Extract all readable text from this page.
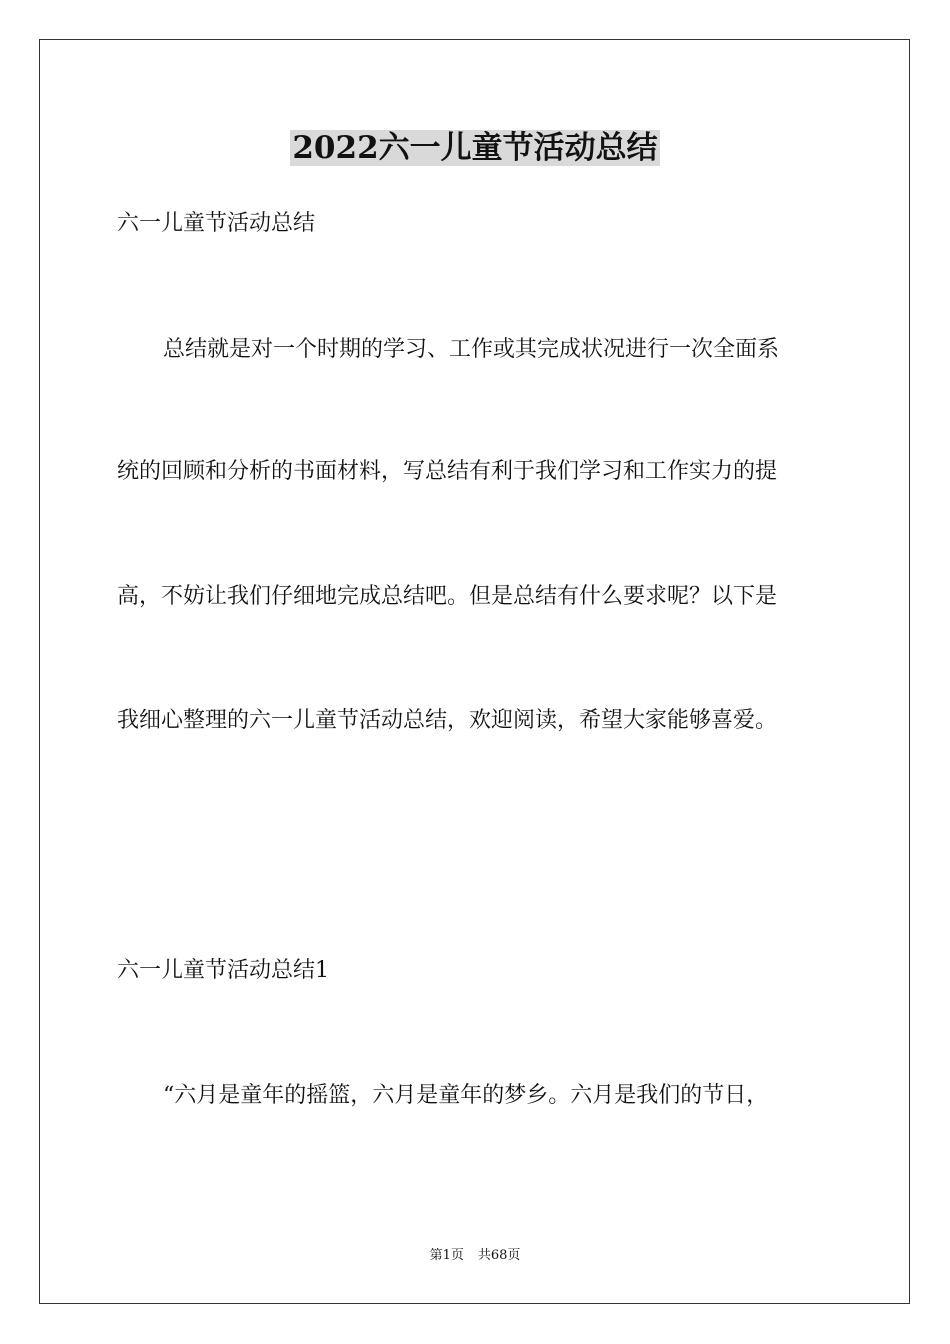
2022六一儿童节活动总结

六一儿童节活动总结

总结就是对一个时期的学习、工作或其完成状况进行一次全面系

统的回顾和分析的书面材料，写总结有利于我们学习和工作实力的提

高，不妨让我们仔细地完成总结吧。但是总结有什么要求呢？以下是

我细心整理的六一儿童节活动总结，欢迎阅读，希望大家能够喜爱。

六一儿童节活动总结1

“六月是童年的摇篮，六月是童年的梦乡。六月是我们的节日，

第1页 共68页
